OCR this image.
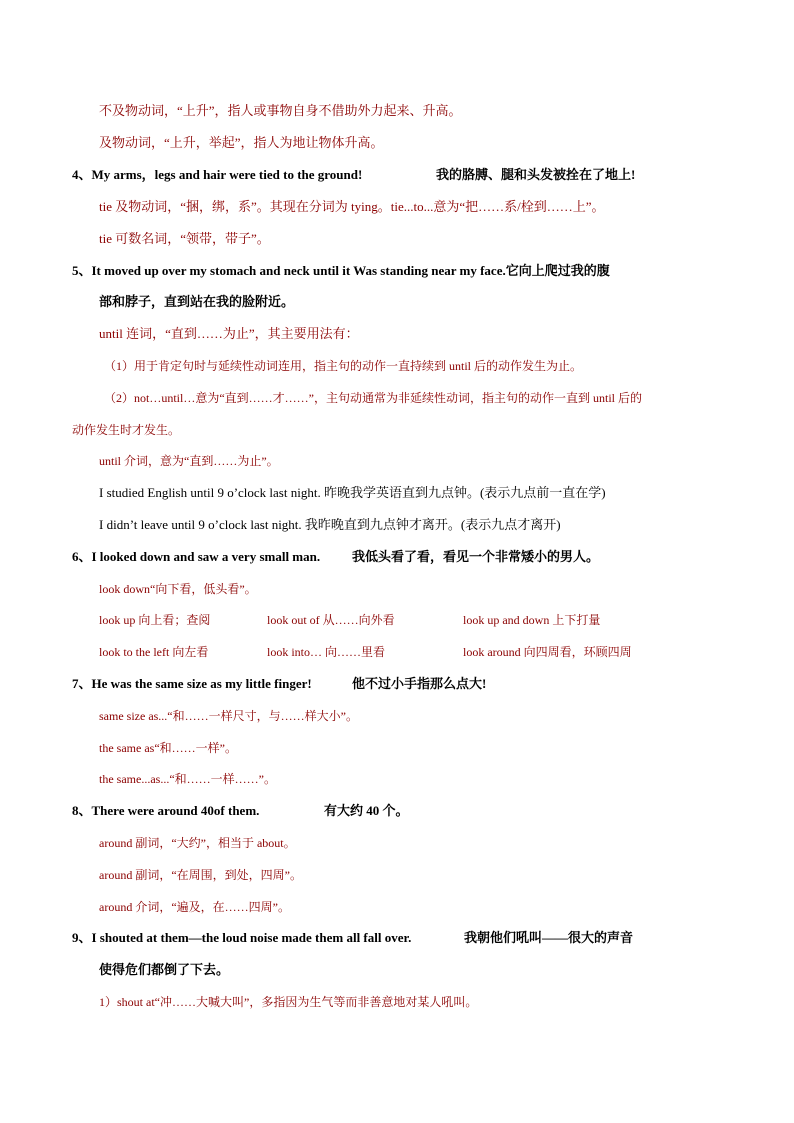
不及物动词，“上升”，指人或事物自身不借助外力起来、升高。
及物动词，“上升，举起”，指人为地让物体升高。
4、My arms，legs and hair were tied to the ground!	我的胳膊、腿和头发被拴在了地上!
tie 及物动词，“捆，绑，系”。其现在分词为 tying。tie...to...意为“把……系/栓到……上”。
tie 可数名词，“领带，带子”。
5、It moved up over my stomach and neck until it Was standing near my face.它向上爬过我的腹
部和脖子，直到站在我的脸附近。
until 连词，“直到……为止”，其主要用法有：
（1）用于肯定句时与延续性动词连用，指主句的动作一直持续到 until 后的动作发生为止。
（2）not…until…意为“直到……才……”，主句动通常为非延续性动词，指主句的动作一直到 until 后的
动作发生时才发生。
until 介词，意为“直到……为止”。
I studied English until 9 o’clock last night. 昨晚我学英语直到九点钟。(表示九点前一直在学)
I didn’t leave until 9 o’clock last night. 我昨晚直到九点钟才离开。(表示九点才离开)
6、I looked down and saw a very small man. 我低头看了看，看见一个非常矮小的男人。
look down“向下看，低头看”。
look up 向上看；查阅	look out of 从……向外看	look up and down 上下打量
look to the left 向左看	look into… 向……里看	look around 向四周看，环顾四周
7、He was the same size as my little finger!	他不过小手指那么点大!
same size as...“和……一样尺寸，与……样大小”。
the same as“和……一样”。
the same...as...“和……一样……”。
8、There were around 40of them.	有大约 40 个。
around 副词，“大约”，相当于 about。
around 副词，“在周围，到处，四周”。
around 介词，“遍及，在……四周”。
9、I shouted at them—the loud noise made them all fall over.	我朝他们吼叫——很大的声音
使得危们都倒了下去。
1）shout at“冲……大喊大叫”，多指因为生气等而非善意地对某人吼叫。
